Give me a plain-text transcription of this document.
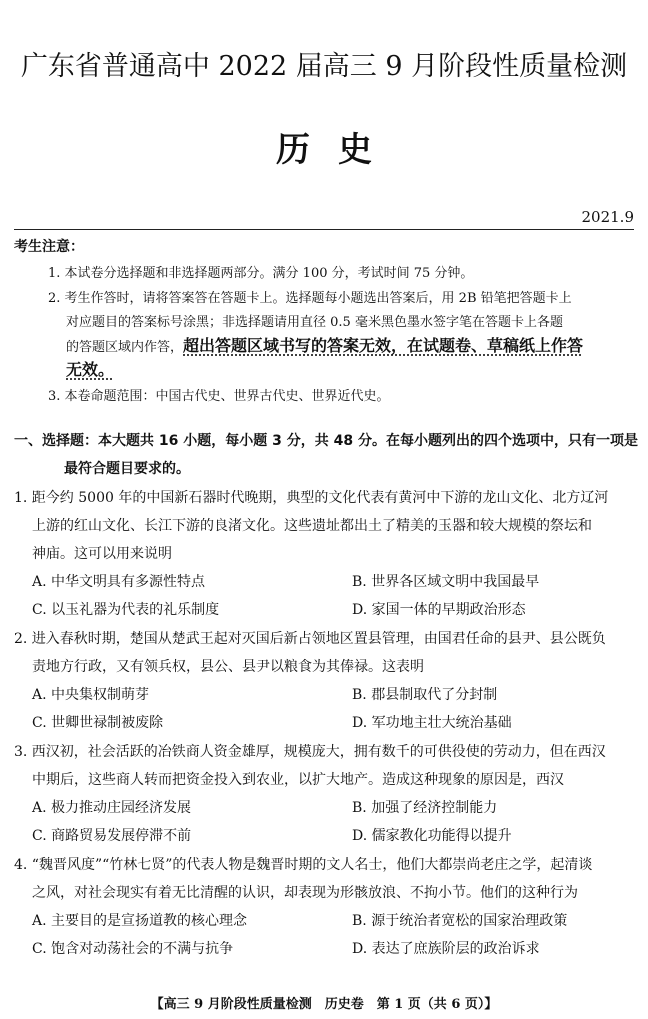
广东省普通高中 2022 届高三 9 月阶段性质量检测
历史
2021.9
考生注意：
1. 本试卷分选择题和非选择题两部分。满分 100 分，考试时间 75 分钟。
2. 考生作答时，请将答案答在答题卡上。选择题每小题选出答案后，用 2B 铅笔把答题卡上
对应题目的答案标号涂黑；非选择题请用直径 0.5 毫米黑色墨水签字笔在答题卡上各题
的答题区域内作答，超出答题区域书写的答案无效，在试题卷、草稿纸上作答
无效。
3. 本卷命题范围：中国古代史、世界古代史、世界近代史。
一、选择题：本大题共 16 小题，每小题 3 分，共 48 分。在每小题列出的四个选项中，只有一项是
最符合题目要求的。
1. 距今约 5000 年的中国新石器时代晚期，典型的文化代表有黄河中下游的龙山文化、北方辽河
上游的红山文化、长江下游的良渚文化。这些遗址都出土了精美的玉器和较大规模的祭坛和
神庙。这可以用来说明
A. 中华文明具有多源性特点	B. 世界各区域文明中我国最早
C. 以玉礼器为代表的礼乐制度	D. 家国一体的早期政治形态
2. 进入春秋时期，楚国从楚武王起对灭国后新占领地区置县管理，由国君任命的县尹、县公既负
责地方行政，又有领兵权，县公、县尹以粮食为其俸禄。这表明
A. 中央集权制萌芽	B. 郡县制取代了分封制
C. 世卿世禄制被废除	D. 军功地主壮大统治基础
3. 西汉初，社会活跃的冶铁商人资金雄厚，规模庞大，拥有数千的可供役使的劳动力，但在西汉
中期后，这些商人转而把资金投入到农业，以扩大地产。造成这种现象的原因是，西汉
A. 极力推动庄园经济发展	B. 加强了经济控制能力
C. 商路贸易发展停滞不前	D. 儒家教化功能得以提升
4. “魏晋风度”“竹林七贤”的代表人物是魏晋时期的文人名士，他们大都崇尚老庄之学，起清谈
之风，对社会现实有着无比清醒的认识，却表现为形骸放浪、不拘小节。他们的这种行为
A. 主要目的是宣扬道教的核心理念	B. 源于统治者宽松的国家治理政策
C. 饱含对动荡社会的不满与抗争	D. 表达了庶族阶层的政治诉求
【高三 9 月阶段性质量检测　历史卷　第 1 页（共 6 页）】
